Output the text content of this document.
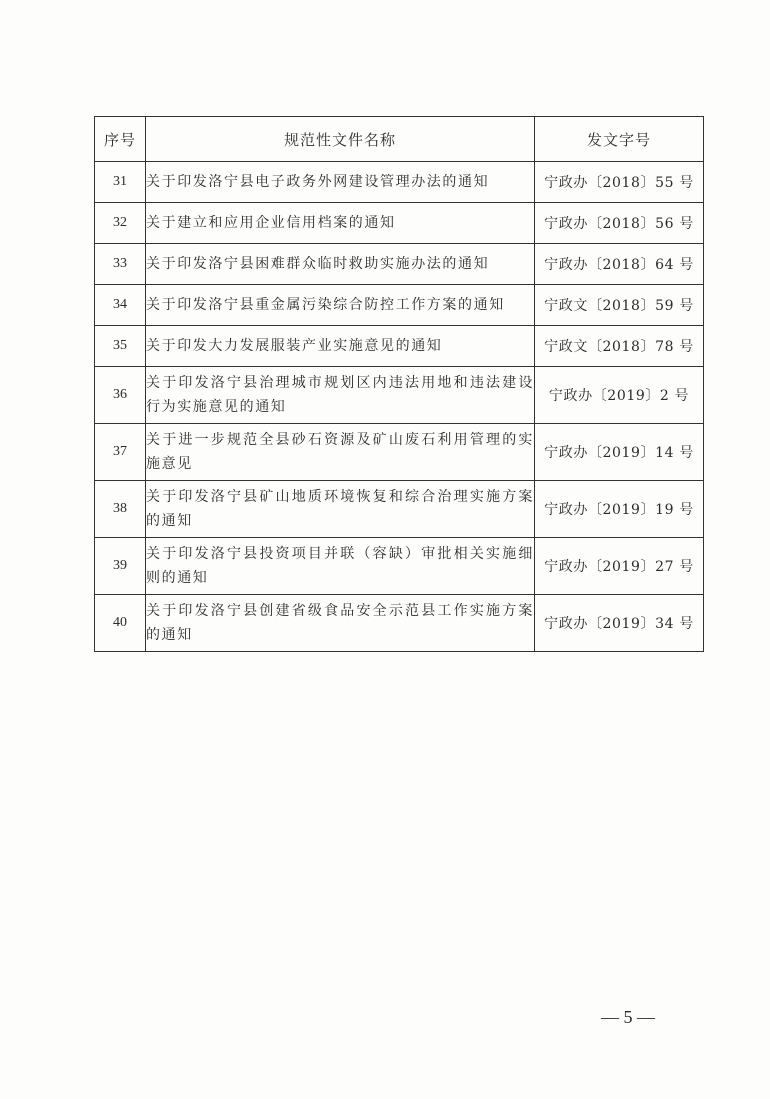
序号	规范性文件名称	发文字号
31	关于印发洛宁县电子政务外网建设管理办法的通知	宁政办〔2018〕55 号
32	关于建立和应用企业信用档案的通知	宁政办〔2018〕56 号
33	关于印发洛宁县困难群众临时救助实施办法的通知	宁政办〔2018〕64 号
34	关于印发洛宁县重金属污染综合防控工作方案的通知	宁政文〔2018〕59 号
35	关于印发大力发展服装产业实施意见的通知	宁政文〔2018〕78 号
36	关于印发洛宁县治理城市规划区内违法用地和违法建设行为实施意见的通知	宁政办〔2019〕2 号
37	关于进一步规范全县砂石资源及矿山废石利用管理的实施意见	宁政办〔2019〕14 号
38	关于印发洛宁县矿山地质环境恢复和综合治理实施方案的通知	宁政办〔2019〕19 号
39	关于印发洛宁县投资项目并联（容缺）审批相关实施细则的通知	宁政办〔2019〕27 号
40	关于印发洛宁县创建省级食品安全示范县工作实施方案的通知	宁政办〔2019〕34 号
— 5 —
